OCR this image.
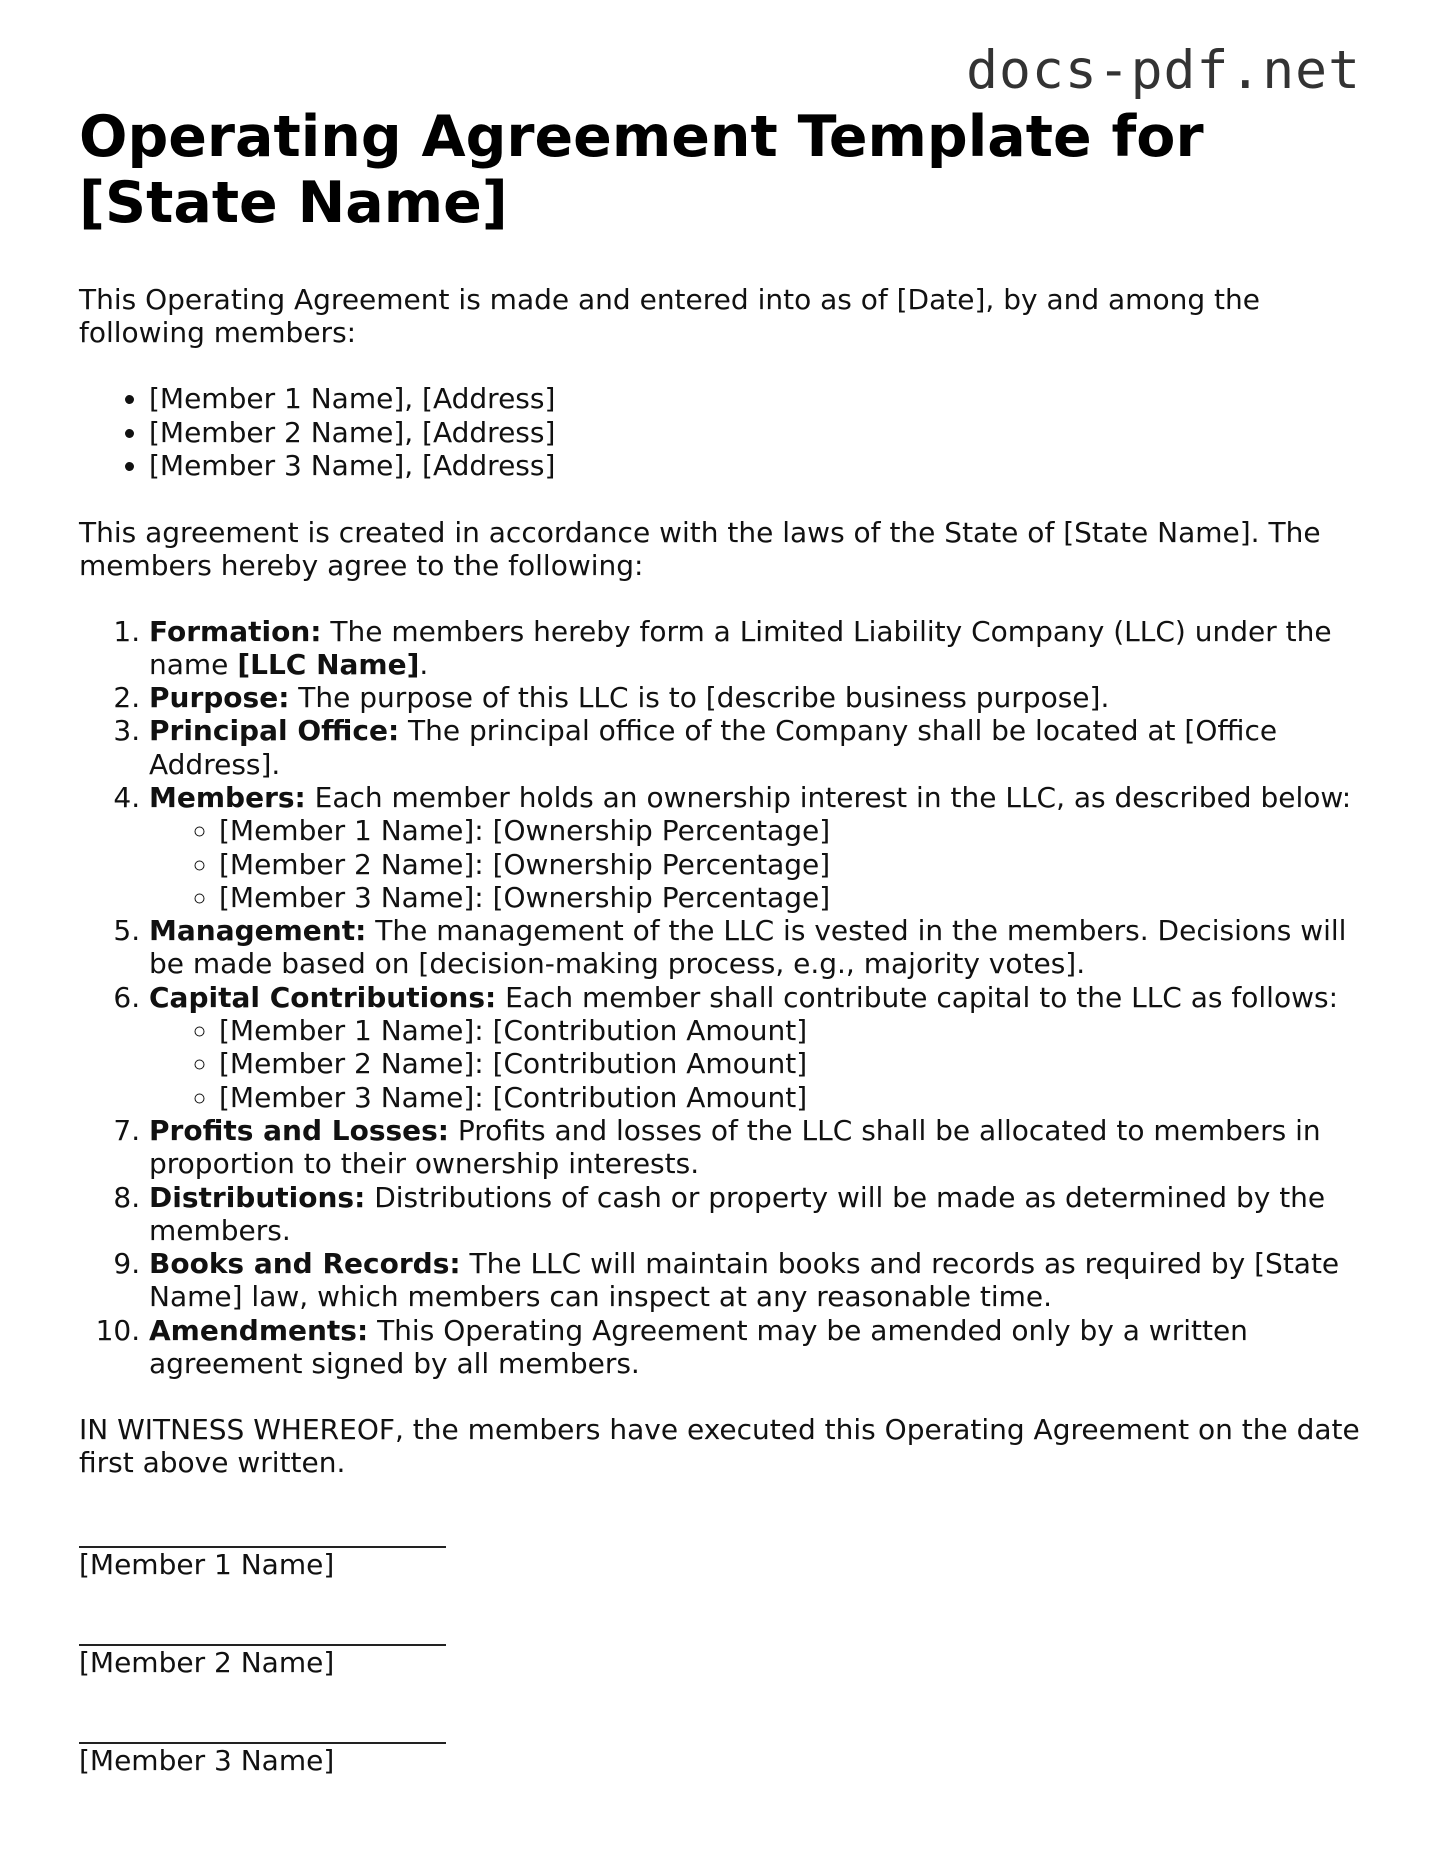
docs-pdf.net
Operating Agreement Template for [State Name]

This Operating Agreement is made and entered into as of [Date], by and among the following members:

• [Member 1 Name], [Address]
• [Member 2 Name], [Address]
• [Member 3 Name], [Address]

This agreement is created in accordance with the laws of the State of [State Name]. The members hereby agree to the following:

1. Formation: The members hereby form a Limited Liability Company (LLC) under the name [LLC Name].
2. Purpose: The purpose of this LLC is to [describe business purpose].
3. Principal Office: The principal office of the Company shall be located at [Office Address].
4. Members: Each member holds an ownership interest in the LLC, as described below:
◦ [Member 1 Name]: [Ownership Percentage]
◦ [Member 2 Name]: [Ownership Percentage]
◦ [Member 3 Name]: [Ownership Percentage]
5. Management: The management of the LLC is vested in the members. Decisions will be made based on [decision-making process, e.g., majority votes].
6. Capital Contributions: Each member shall contribute capital to the LLC as follows:
◦ [Member 1 Name]: [Contribution Amount]
◦ [Member 2 Name]: [Contribution Amount]
◦ [Member 3 Name]: [Contribution Amount]
7. Profits and Losses: Profits and losses of the LLC shall be allocated to members in proportion to their ownership interests.
8. Distributions: Distributions of cash or property will be made as determined by the members.
9. Books and Records: The LLC will maintain books and records as required by [State Name] law, which members can inspect at any reasonable time.
10. Amendments: This Operating Agreement may be amended only by a written agreement signed by all members.

IN WITNESS WHEREOF, the members have executed this Operating Agreement on the date first above written.

[Member 1 Name]
[Member 2 Name]
[Member 3 Name]
